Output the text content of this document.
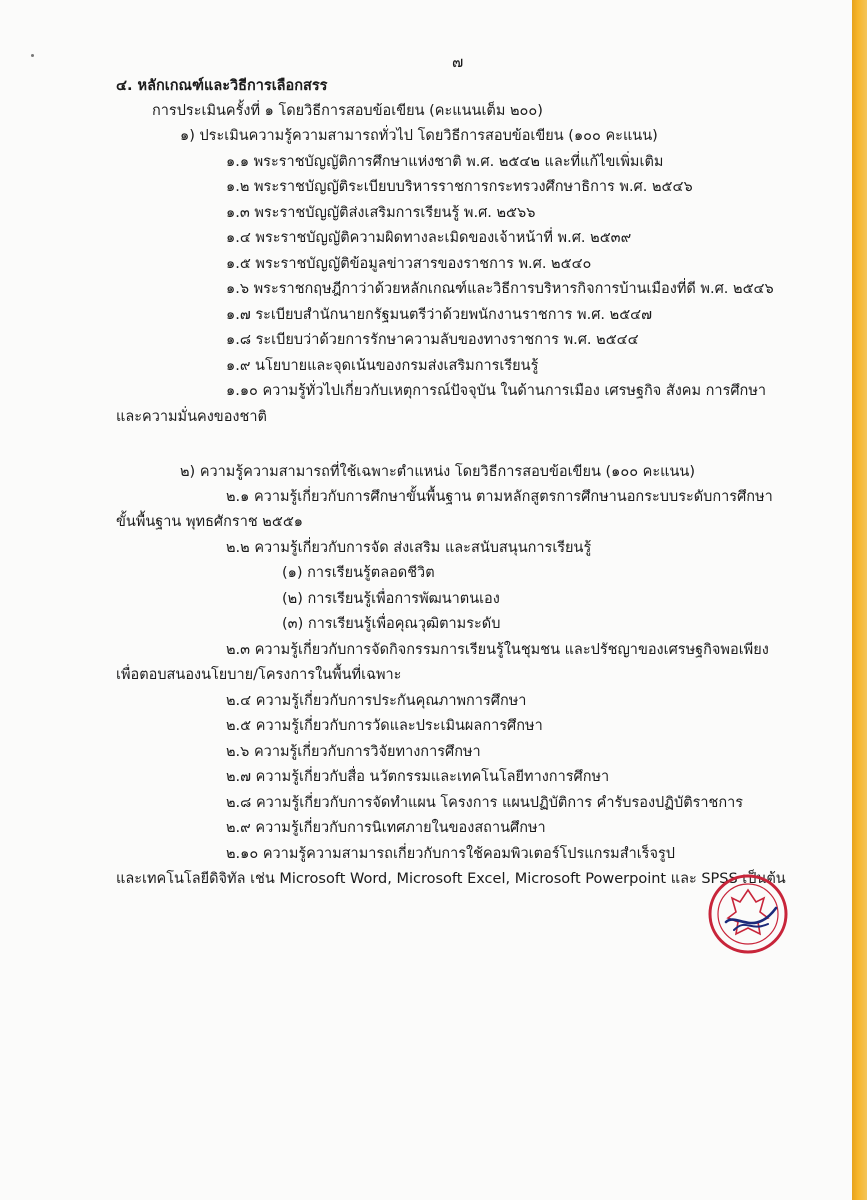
๗
๔. หลักเกณฑ์และวิธีการเลือกสรร
การประเมินครั้งที่ ๑ โดยวิธีการสอบข้อเขียน (คะแนนเต็ม ๒๐๐)
๑) ประเมินความรู้ความสามารถทั่วไป โดยวิธีการสอบข้อเขียน (๑๐๐ คะแนน)
๑.๑ พระราชบัญญัติการศึกษาแห่งชาติ พ.ศ. ๒๕๔๒ และที่แก้ไขเพิ่มเติม
๑.๒ พระราชบัญญัติระเบียบบริหารราชการกระทรวงศึกษาธิการ พ.ศ. ๒๕๔๖
๑.๓ พระราชบัญญัติส่งเสริมการเรียนรู้ พ.ศ. ๒๕๖๖
๑.๔ พระราชบัญญัติความผิดทางละเมิดของเจ้าหน้าที่ พ.ศ. ๒๕๓๙
๑.๕ พระราชบัญญัติข้อมูลข่าวสารของราชการ พ.ศ. ๒๕๔๐
๑.๖ พระราชกฤษฎีกาว่าด้วยหลักเกณฑ์และวิธีการบริหารกิจการบ้านเมืองที่ดี พ.ศ. ๒๕๔๖
๑.๗ ระเบียบสำนักนายกรัฐมนตรีว่าด้วยพนักงานราชการ พ.ศ. ๒๕๔๗
๑.๘ ระเบียบว่าด้วยการรักษาความลับของทางราชการ พ.ศ. ๒๕๔๔
๑.๙ นโยบายและจุดเน้นของกรมส่งเสริมการเรียนรู้
๑.๑๐ ความรู้ทั่วไปเกี่ยวกับเหตุการณ์ปัจจุบัน ในด้านการเมือง เศรษฐกิจ สังคม การศึกษา
และความมั่นคงของชาติ
๒) ความรู้ความสามารถที่ใช้เฉพาะตำแหน่ง โดยวิธีการสอบข้อเขียน (๑๐๐ คะแนน)
๒.๑ ความรู้เกี่ยวกับการศึกษาขั้นพื้นฐาน ตามหลักสูตรการศึกษานอกระบบระดับการศึกษา
ขั้นพื้นฐาน พุทธศักราช ๒๕๕๑
๒.๒ ความรู้เกี่ยวกับการจัด ส่งเสริม และสนับสนุนการเรียนรู้
(๑) การเรียนรู้ตลอดชีวิต
(๒) การเรียนรู้เพื่อการพัฒนาตนเอง
(๓) การเรียนรู้เพื่อคุณวุฒิตามระดับ
๒.๓ ความรู้เกี่ยวกับการจัดกิจกรรมการเรียนรู้ในชุมชน และปรัชญาของเศรษฐกิจพอเพียง
เพื่อตอบสนองนโยบาย/โครงการในพื้นที่เฉพาะ
๒.๔ ความรู้เกี่ยวกับการประกันคุณภาพการศึกษา
๒.๕ ความรู้เกี่ยวกับการวัดและประเมินผลการศึกษา
๒.๖ ความรู้เกี่ยวกับการวิจัยทางการศึกษา
๒.๗ ความรู้เกี่ยวกับสื่อ นวัตกรรมและเทคโนโลยีทางการศึกษา
๒.๘ ความรู้เกี่ยวกับการจัดทำแผน โครงการ แผนปฏิบัติการ คำรับรองปฏิบัติราชการ
๒.๙ ความรู้เกี่ยวกับการนิเทศภายในของสถานศึกษา
๒.๑๐ ความรู้ความสามารถเกี่ยวกับการใช้คอมพิวเตอร์โปรแกรมสำเร็จรูป
และเทคโนโลยีดิจิทัล เช่น Microsoft Word, Microsoft Excel, Microsoft Powerpoint และ SPSS เป็นต้น
